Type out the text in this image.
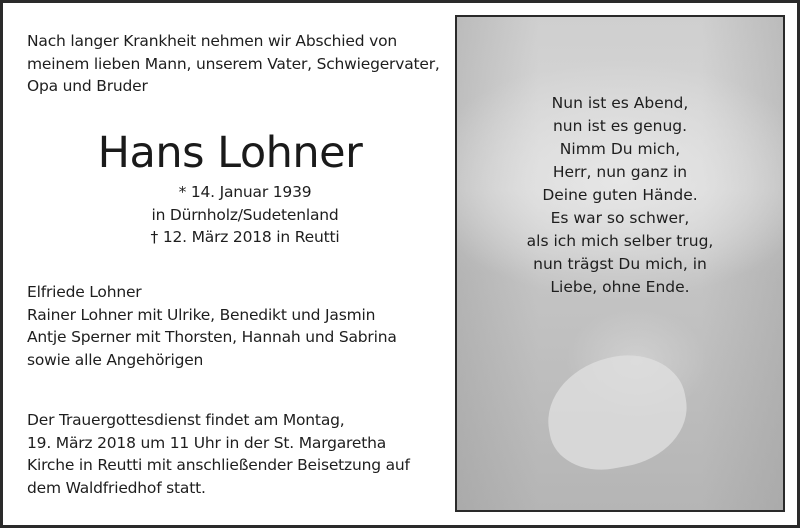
Nach langer Krankheit nehmen wir Abschied von
meinem lieben Mann, unserem Vater, Schwiegervater,
Opa und Bruder
Hans Lohner
* 14. Januar 1939
in Dürnholz/Sudetenland
† 12. März 2018 in Reutti
Elfriede Lohner
Rainer Lohner mit Ulrike, Benedikt und Jasmin
Antje Sperner mit Thorsten, Hannah und Sabrina
sowie alle Angehörigen
Der Trauergottesdienst findet am Montag,
19. März 2018 um 11 Uhr in der St. Margaretha
Kirche in Reutti mit anschließender Beisetzung auf
dem Waldfriedhof statt.
Nun ist es Abend,
nun ist es genug.
Nimm Du mich,
Herr, nun ganz in
Deine guten Hände.
Es war so schwer,
als ich mich selber trug,
nun trägst Du mich, in
Liebe, ohne Ende.
